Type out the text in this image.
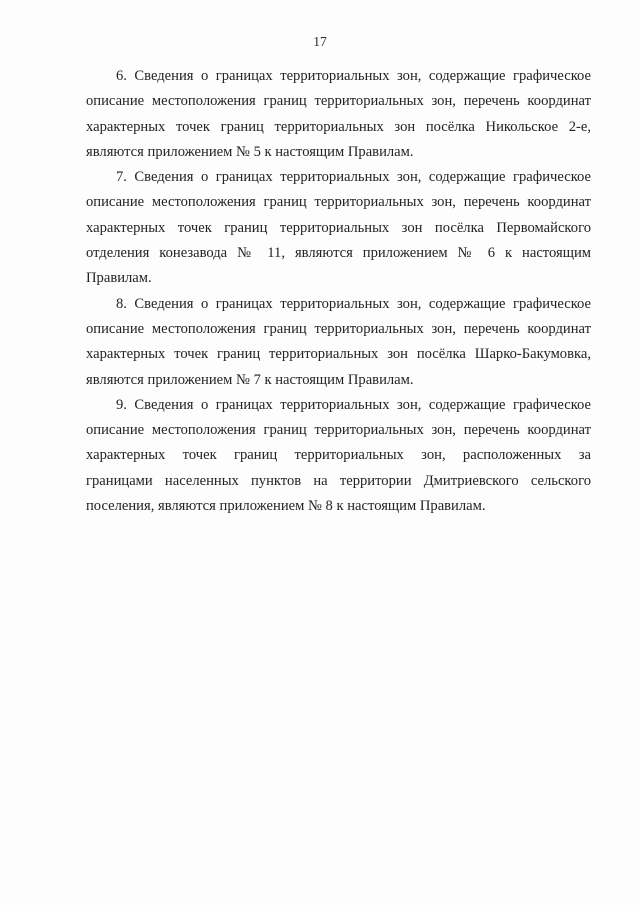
17

6. Сведения о границах территориальных зон, содержащие графическое
описание местоположения границ территориальных зон, перечень координат
характерных точек границ территориальных зон посёлка Никольское 2-е,
являются приложением № 5 к настоящим Правилам.

7. Сведения о границах территориальных зон, содержащие графическое
описание местоположения границ территориальных зон, перечень координат
характерных точек границ территориальных зон посёлка Первомайского
отделения конезавода № 11, являются приложением № 6 к настоящим
Правилам.

8. Сведения о границах территориальных зон, содержащие графическое
описание местоположения границ территориальных зон, перечень координат
характерных точек границ территориальных зон посёлка Шарко-Бакумовка,
являются приложением № 7 к настоящим Правилам.

9. Сведения о границах территориальных зон, содержащие графическое
описание местоположения границ территориальных зон, перечень координат
характерных точек границ территориальных зон, расположенных за
границами населенных пунктов на территории Дмитриевского сельского
поселения, являются приложением № 8 к настоящим Правилам.
